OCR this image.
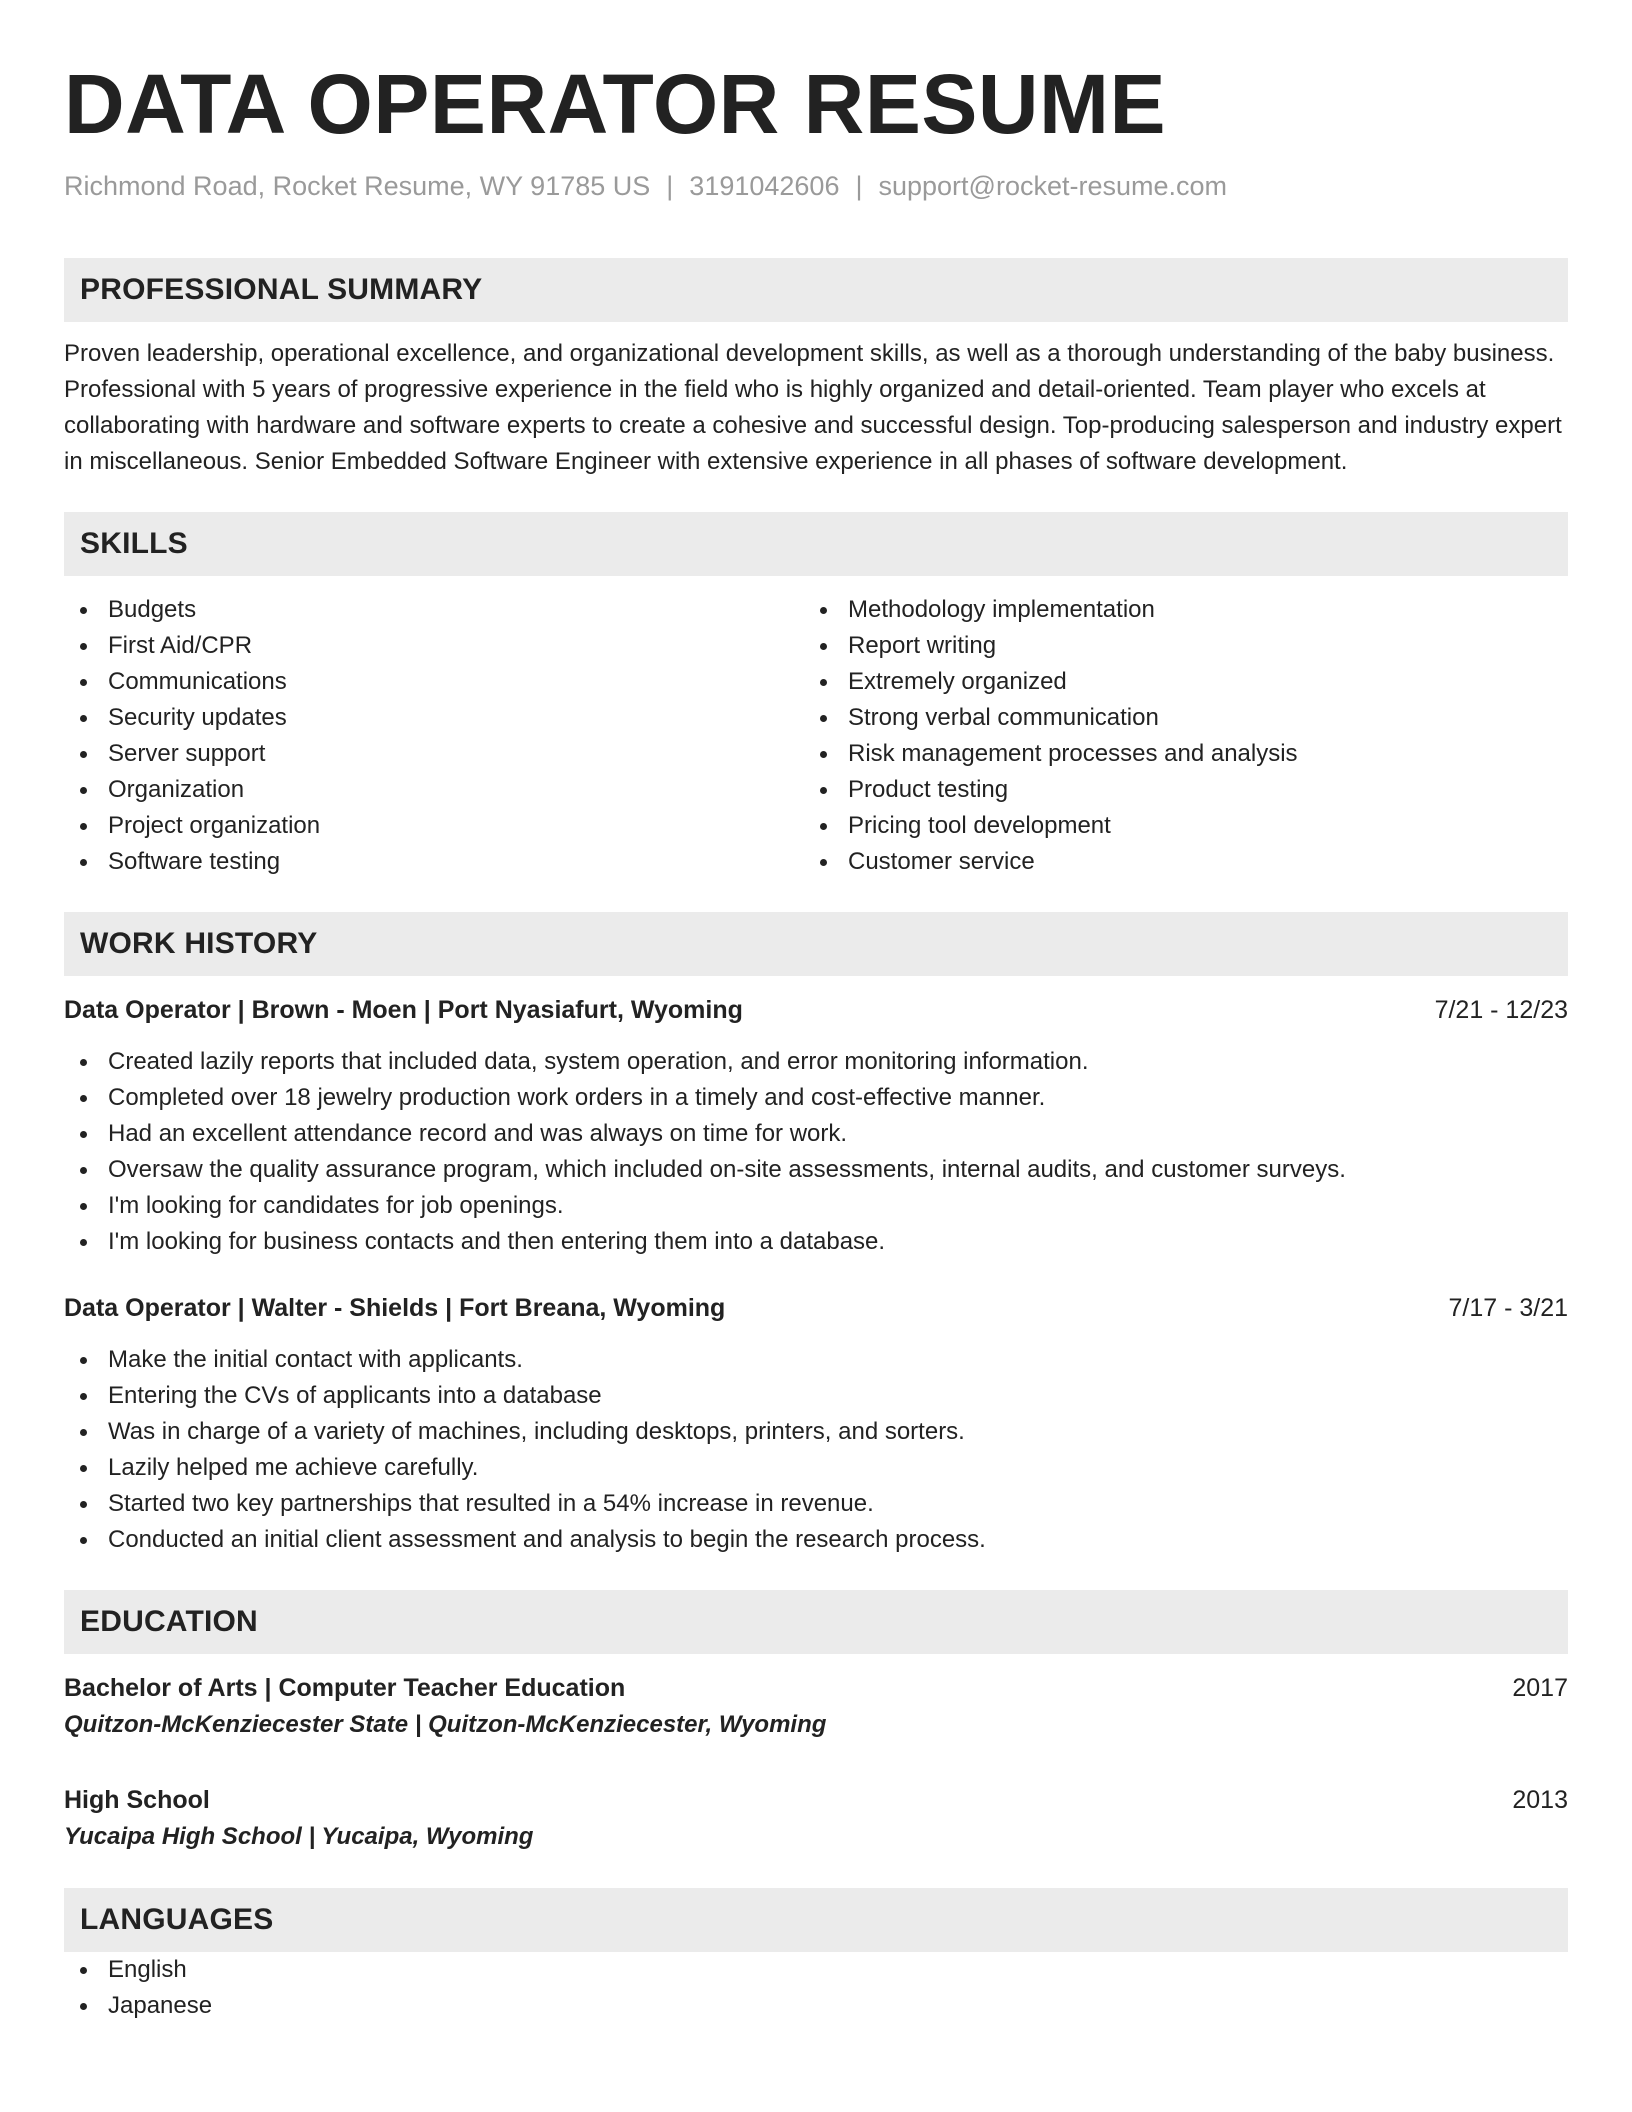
DATA OPERATOR RESUME
Richmond Road, Rocket Resume, WY 91785 US | 3191042606 | support@rocket-resume.com
PROFESSIONAL SUMMARY
Proven leadership, operational excellence, and organizational development skills, as well as a thorough understanding of the baby business. Professional with 5 years of progressive experience in the field who is highly organized and detail-oriented. Team player who excels at collaborating with hardware and software experts to create a cohesive and successful design. Top-producing salesperson and industry expert in miscellaneous. Senior Embedded Software Engineer with extensive experience in all phases of software development.
SKILLS
Budgets
First Aid/CPR
Communications
Security updates
Server support
Organization
Project organization
Software testing
Methodology implementation
Report writing
Extremely organized
Strong verbal communication
Risk management processes and analysis
Product testing
Pricing tool development
Customer service
WORK HISTORY
Data Operator | Brown - Moen | Port Nyasiafurt, Wyoming	7/21 - 12/23
Created lazily reports that included data, system operation, and error monitoring information.
Completed over 18 jewelry production work orders in a timely and cost-effective manner.
Had an excellent attendance record and was always on time for work.
Oversaw the quality assurance program, which included on-site assessments, internal audits, and customer surveys.
I'm looking for candidates for job openings.
I'm looking for business contacts and then entering them into a database.
Data Operator | Walter - Shields | Fort Breana, Wyoming	7/17 - 3/21
Make the initial contact with applicants.
Entering the CVs of applicants into a database
Was in charge of a variety of machines, including desktops, printers, and sorters.
Lazily helped me achieve carefully.
Started two key partnerships that resulted in a 54% increase in revenue.
Conducted an initial client assessment and analysis to begin the research process.
EDUCATION
Bachelor of Arts | Computer Teacher Education	2017
Quitzon-McKenziecester State | Quitzon-McKenziecester, Wyoming
High School	2013
Yucaipa High School | Yucaipa, Wyoming
LANGUAGES
English
Japanese
